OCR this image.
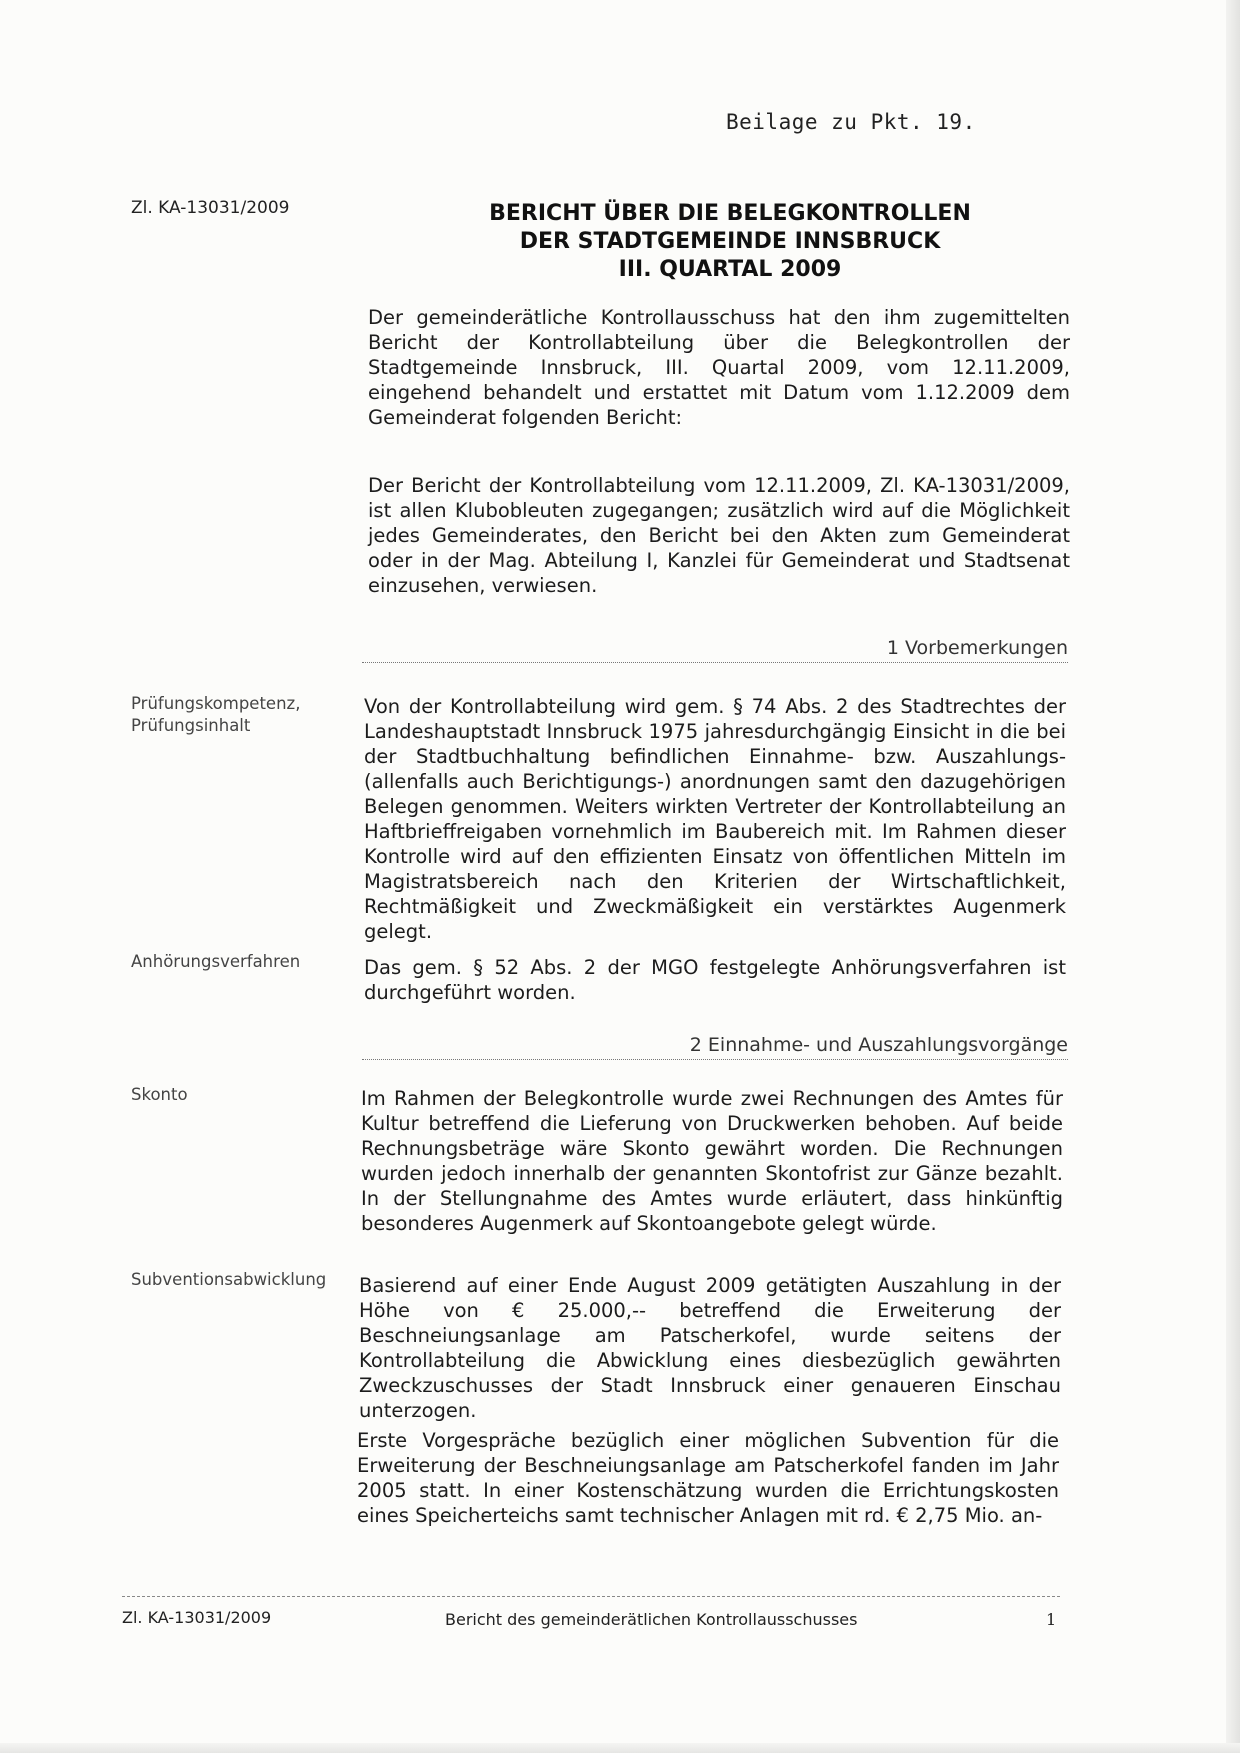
Beilage zu Pkt. 19.
Zl. KA-13031/2009	BERICHT ÜBER DIE BELEGKONTROLLEN
DER STADTGEMEINDE INNSBRUCK
III. QUARTAL 2009

Der gemeinderätliche Kontrollausschuss hat den ihm zugemittelten Bericht der Kontrollabteilung über die Belegkontrollen der Stadtgemeinde Innsbruck, III. Quartal 2009, vom 12.11.2009, eingehend behandelt und erstattet mit Datum vom 1.12.2009 dem Gemeinderat folgenden Bericht:

Der Bericht der Kontrollabteilung vom 12.11.2009, Zl. KA-13031/2009, ist allen Klubobleuten zugegangen; zusätzlich wird auf die Möglichkeit jedes Gemeinderates, den Bericht bei den Akten zum Gemeinderat oder in der Mag. Abteilung I, Kanzlei für Gemeinderat und Stadtsenat einzusehen, verwiesen.

1 Vorbemerkungen
Prüfungskompetenz, Prüfungsinhalt

Von der Kontrollabteilung wird gem. § 74 Abs. 2 des Stadtrechtes der Landeshauptstadt Innsbruck 1975 jahresdurchgängig Einsicht in die bei der Stadtbuchhaltung befindlichen Einnahme- bzw. Auszahlungs- (allenfalls auch Berichtigungs-) anordnungen samt den dazugehörigen Belegen genommen. Weiters wirkten Vertreter der Kontrollabteilung an Haftbrieffreigaben vornehmlich im Baubereich mit. Im Rahmen dieser Kontrolle wird auf den effizienten Einsatz von öffentlichen Mitteln im Magistratsbereich nach den Kriterien der Wirtschaftlichkeit, Rechtmäßigkeit und Zweckmäßigkeit ein verstärktes Augenmerk gelegt.

Anhörungsverfahren	Das gem. § 52 Abs. 2 der MGO festgelegte Anhörungsverfahren ist durchgeführt worden.

2 Einnahme- und Auszahlungsvorgänge
Skonto	Im Rahmen der Belegkontrolle wurde zwei Rechnungen des Amtes für Kultur betreffend die Lieferung von Druckwerken behoben. Auf beide Rechnungsbeträge wäre Skonto gewährt worden. Die Rechnungen wurden jedoch innerhalb der genannten Skontofrist zur Gänze bezahlt. In der Stellungnahme des Amtes wurde erläutert, dass hinkünftig besonderes Augenmerk auf Skontoangebote gelegt würde.

Subventionsabwicklung	Basierend auf einer Ende August 2009 getätigten Auszahlung in der Höhe von € 25.000,-- betreffend die Erweiterung der Beschneiungsanlage am Patscherkofel, wurde seitens der Kontrollabteilung die Abwicklung eines diesbezüglich gewährten Zweckzuschusses der Stadt Innsbruck einer genaueren Einschau unterzogen.

Erste Vorgespräche bezüglich einer möglichen Subvention für die Erweiterung der Beschneiungsanlage am Patscherkofel fanden im Jahr 2005 statt. In einer Kostenschätzung wurden die Errichtungskosten eines Speicherteichs samt technischer Anlagen mit rd. € 2,75 Mio. an-

Zl. KA-13031/2009	Bericht des gemeinderätlichen Kontrollausschusses	1
